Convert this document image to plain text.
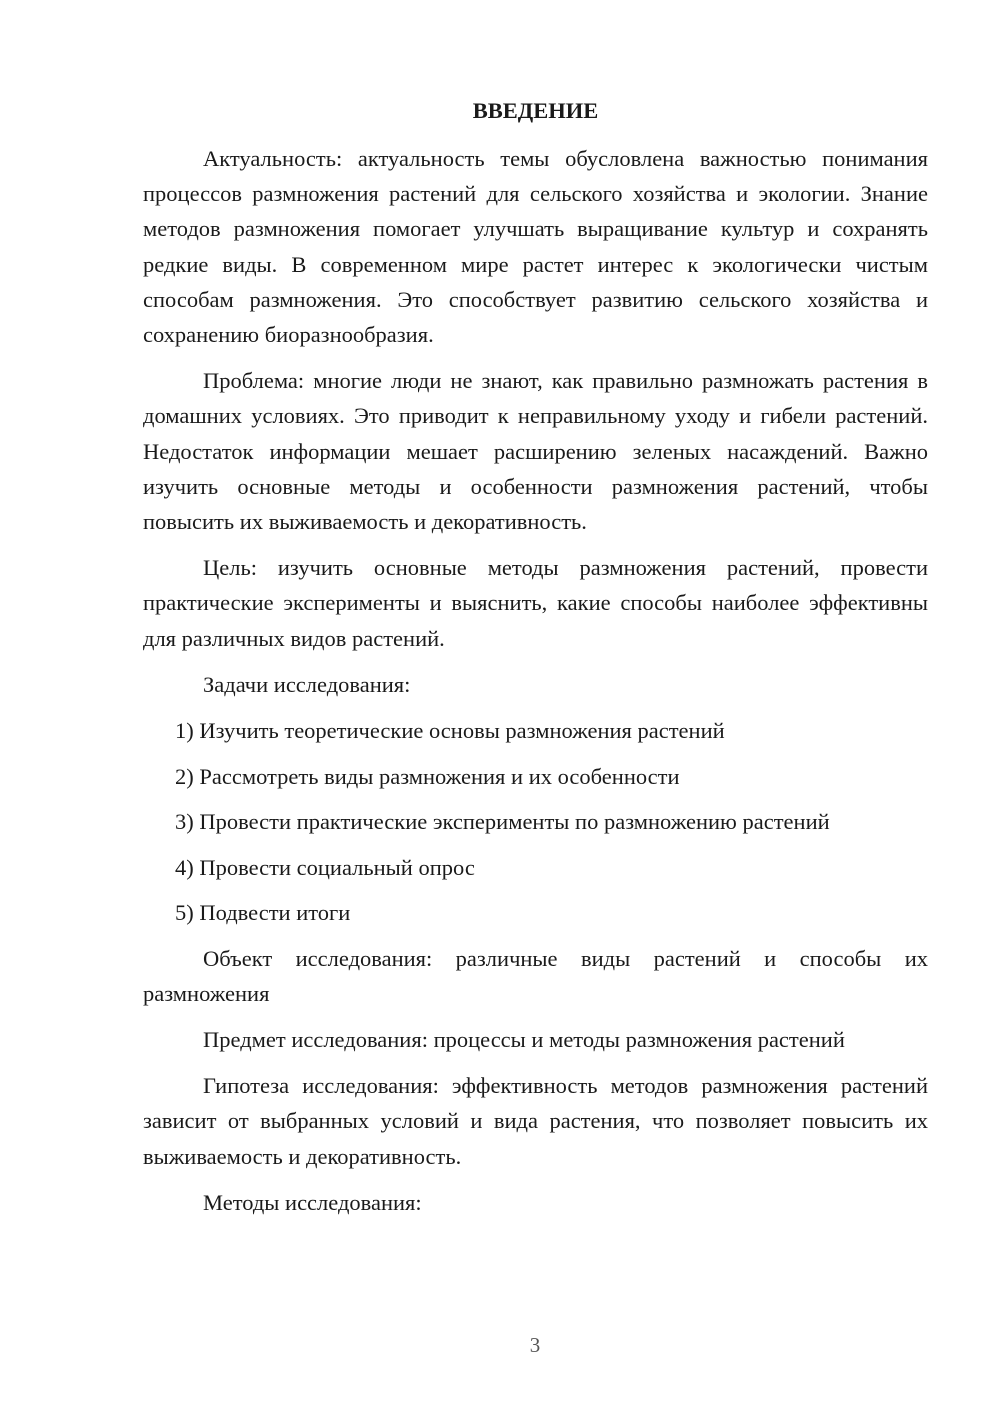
ВВЕДЕНИЕ

Актуальность: актуальность темы обусловлена важностью понимания процессов размножения растений для сельского хозяйства и экологии. Знание методов размножения помогает улучшать выращивание культур и сохранять редкие виды. В современном мире растет интерес к экологически чистым способам размножения. Это способствует развитию сельского хозяйства и сохранению биоразнообразия.

Проблема: многие люди не знают, как правильно размножать растения в домашних условиях. Это приводит к неправильному уходу и гибели растений. Недостаток информации мешает расширению зеленых насаждений. Важно изучить основные методы и особенности размножения растений, чтобы повысить их выживаемость и декоративность.

Цель: изучить основные методы размножения растений, провести практические эксперименты и выяснить, какие способы наиболее эффективны для различных видов растений.

Задачи исследования:

1) Изучить теоретические основы размножения растений
2) Рассмотреть виды размножения и их особенности
3) Провести практические эксперименты по размножению растений
4) Провести социальный опрос
5) Подвести итоги

Объект исследования: различные виды растений и способы их размножения

Предмет исследования: процессы и методы размножения растений

Гипотеза исследования: эффективность методов размножения растений зависит от выбранных условий и вида растения, что позволяет повысить их выживаемость и декоративность.

Методы исследования:

3
